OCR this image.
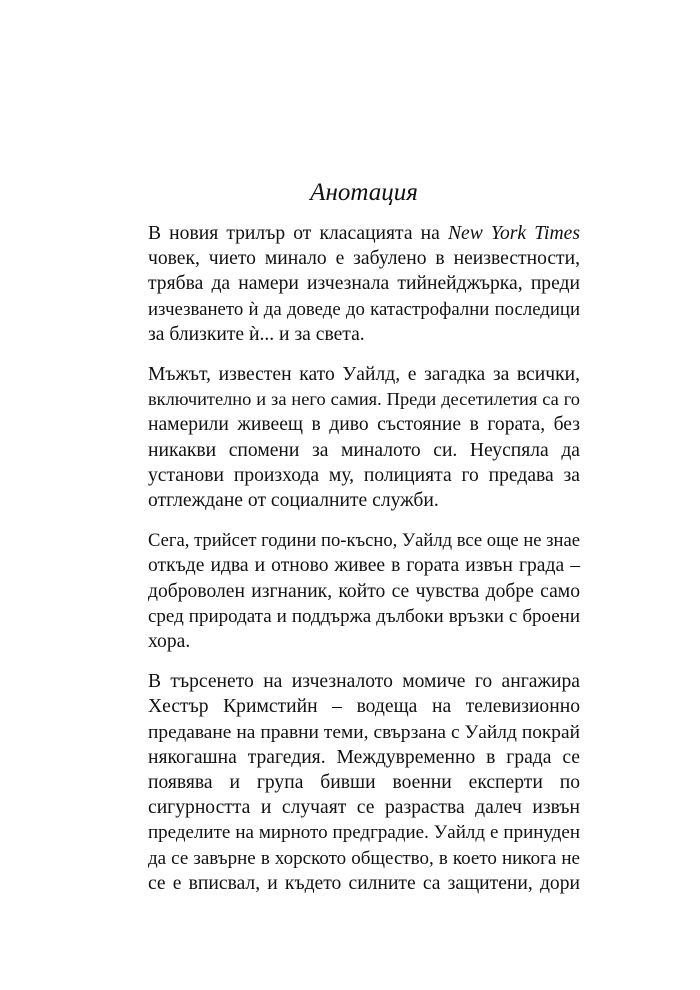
Анотация
В новия трилър от класацията на New York Times
човек, чието минало е забулено в неизвестности,
трябва да намери изчезнала тийнейджърка, преди
изчезването ѝ да доведе до катастрофални последици
за близките ѝ... и за света.
Мъжът, известен като Уайлд, е загадка за всички,
включително и за него самия. Преди десетилетия са го
намерили живеещ в диво състояние в гората, без
никакви спомени за миналото си. Неуспяла да
установи произхода му, полицията го предава за
отглеждане от социалните служби.
Сега, трийсет години по-късно, Уайлд все още не знае
откъде идва и отново живее в гората извън града –
доброволен изгнаник, който се чувства добре само
сред природата и поддържа дълбоки връзки с броени
хора.
В търсенето на изчезналото момиче го ангажира
Хестър Кримстийн – водеща на телевизионно
предаване на правни теми, свързана с Уайлд покрай
някогашна трагедия. Междувременно в града се
появява и група бивши военни експерти по
сигурността и случаят се разраства далеч извън
пределите на мирното предградие. Уайлд е принуден
да се завърне в хорското общество, в което никога не
се е вписвал, и където силните са защитени, дори
